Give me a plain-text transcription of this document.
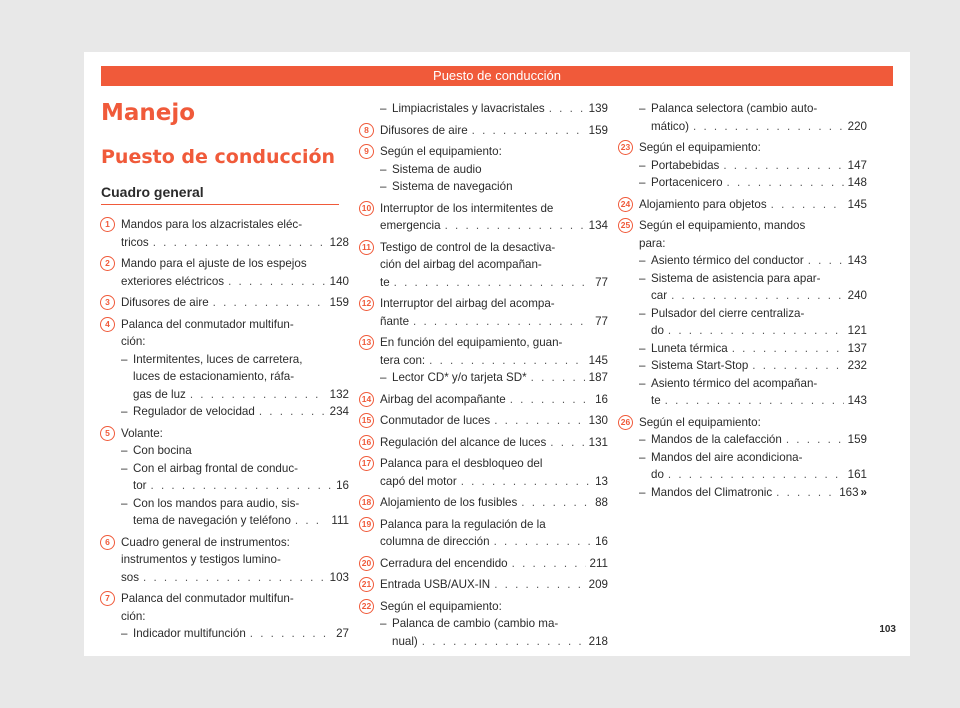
Puesto de conducción
Manejo
Puesto de conducción
Cuadro general
1 Mandos para los alzacristales eléc-
tricos . . .	128
2 Mando para el ajuste de los espejos
exteriores eléctricos . . .	140
3 Difusores de aire . . .	159
4 Palanca del conmutador multifun-
ción:
– Intermitentes, luces de carretera,
luces de estacionamiento, ráfa-
gas de luz . . .	132
– Regulador de velocidad . . .	234
5 Volante:
– Con bocina
– Con el airbag frontal de conduc-
tor . . .	16
– Con los mandos para audio, sis-
tema de navegación y teléfono . . .	111
6 Cuadro general de instrumentos:
instrumentos y testigos lumino-
sos . . .	103
7 Palanca del conmutador multifun-
ción:
– Indicador multifunción . . .	27
– Limpiacristales y lavacristales . . .	139
8 Difusores de aire . . .	159
9 Según el equipamiento:
– Sistema de audio
– Sistema de navegación
10 Interruptor de los intermitentes de
emergencia . . .	134
11 Testigo de control de la desactiva-
ción del airbag del acompañan-
te . . .	77
12 Interruptor del airbag del acompa-
ñante . . .	77
13 En función del equipamiento, guan-
tera con: . . .	145
– Lector CD* y/o tarjeta SD* . . .	187
14 Airbag del acompañante . . .	16
15 Conmutador de luces . . .	130
16 Regulación del alcance de luces . . .	131
17 Palanca para el desbloqueo del
capó del motor . . .	13
18 Alojamiento de los fusibles . . .	88
19 Palanca para la regulación de la
columna de dirección . . .	16
20 Cerradura del encendido . . .	211
21 Entrada USB/AUX-IN . . .	209
22 Según el equipamiento:
– Palanca de cambio (cambio ma-
nual) . . .	218
– Palanca selectora (cambio auto-
mático) . . .	220
23 Según el equipamiento:
– Portabebidas . . .	147
– Portacenicero . . .	148
24 Alojamiento para objetos . . .	145
25 Según el equipamiento, mandos
para:
– Asiento térmico del conductor . . .	143
– Sistema de asistencia para apar-
car . . .	240
– Pulsador del cierre centraliza-
do . . .	121
– Luneta térmica . . .	137
– Sistema Start-Stop . . .	232
– Asiento térmico del acompañan-
te . . .	143
26 Según el equipamiento:
– Mandos de la calefacción . . .	159
– Mandos del aire acondiciona-
do . . .	161
– Mandos del Climatronic . . .	163 »
103
